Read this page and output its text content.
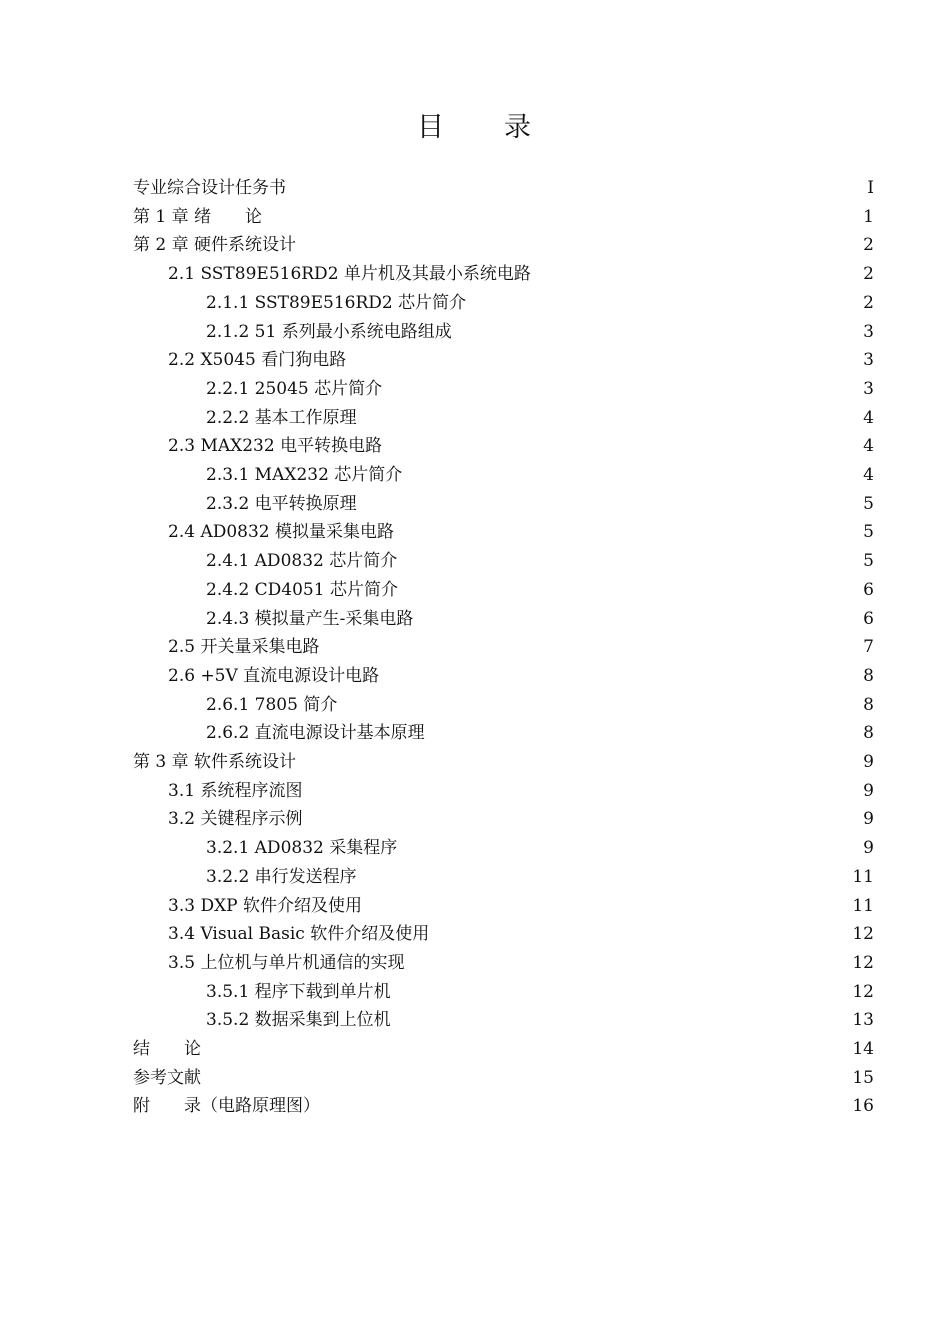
目　　录
专业综合设计任务书	I
第 1 章 绪　　论	1
第 2 章 硬件系统设计	2
2.1 SST89E516RD2 单片机及其最小系统电路	2
2.1.1 SST89E516RD2 芯片简介	2
2.1.2 51 系列最小系统电路组成	3
2.2 X5045 看门狗电路	3
2.2.1 25045 芯片简介	3
2.2.2 基本工作原理	4
2.3 MAX232 电平转换电路	4
2.3.1 MAX232 芯片简介	4
2.3.2 电平转换原理	5
2.4 AD0832 模拟量采集电路	5
2.4.1 AD0832 芯片简介	5
2.4.2 CD4051 芯片简介	6
2.4.3 模拟量产生-采集电路	6
2.5 开关量采集电路	7
2.6 +5V 直流电源设计电路	8
2.6.1 7805 简介	8
2.6.2 直流电源设计基本原理	8
第 3 章 软件系统设计	9
3.1 系统程序流图	9
3.2 关键程序示例	9
3.2.1 AD0832 采集程序	9
3.2.2 串行发送程序	11
3.3 DXP 软件介绍及使用	11
3.4 Visual Basic 软件介绍及使用	12
3.5 上位机与单片机通信的实现	12
3.5.1 程序下载到单片机	12
3.5.2 数据采集到上位机	13
结　　论	14
参考文献	15
附　　录（电路原理图）	16
